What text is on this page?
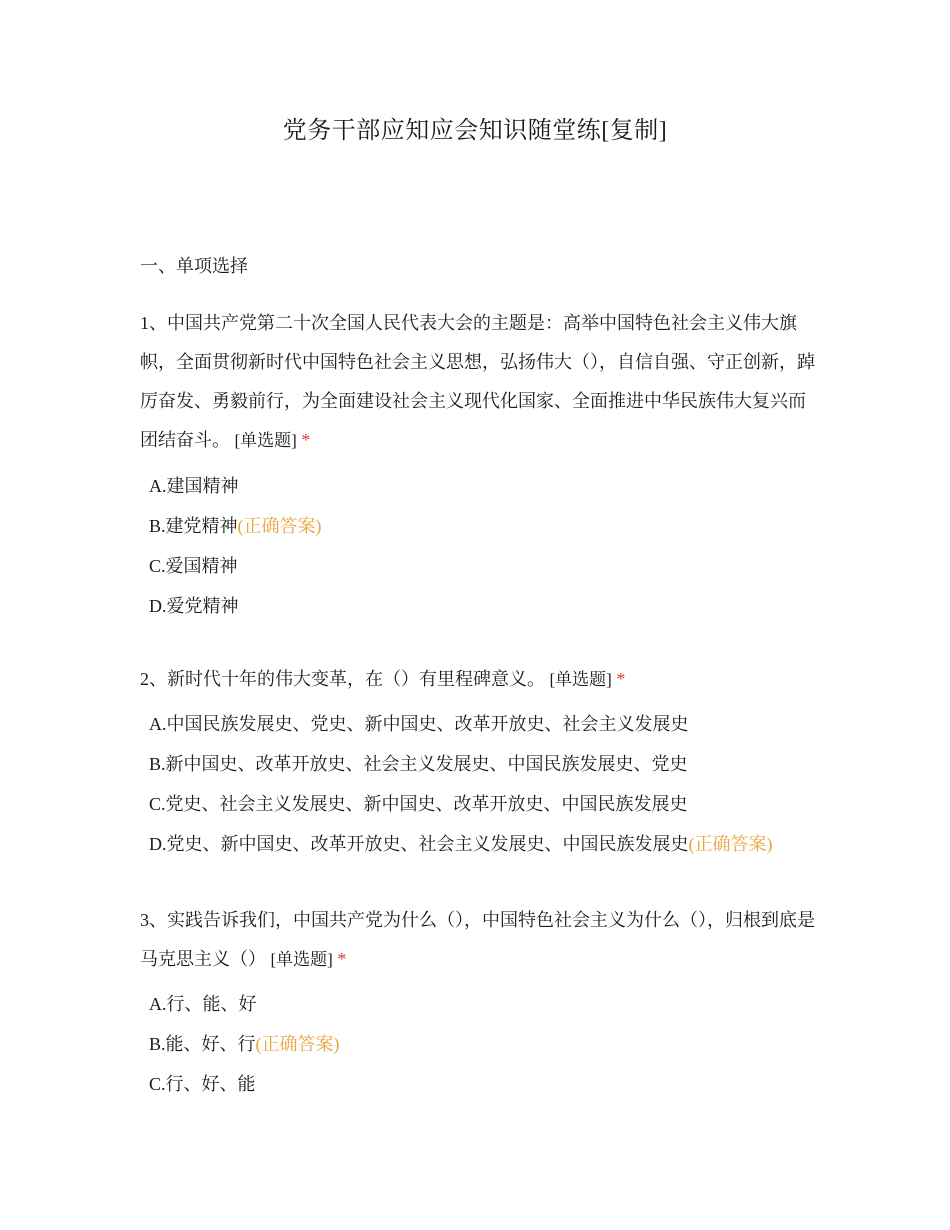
党务干部应知应会知识随堂练[复制]
一、单项选择

1、中国共产党第二十次全国人民代表大会的主题是：高举中国特色社会主义伟大旗帜，全面贯彻新时代中国特色社会主义思想，弘扬伟大（），自信自强、守正创新，踔厉奋发、勇毅前行，为全面建设社会主义现代化国家、全面推进中华民族伟大复兴而团结奋斗。 [单选题] *

A.建国精神

B.建党精神(正确答案)

C.爱国精神

D.爱党精神

2、新时代十年的伟大变革，在（）有里程碑意义。 [单选题] *

A.中国民族发展史、党史、新中国史、改革开放史、社会主义发展史

B.新中国史、改革开放史、社会主义发展史、中国民族发展史、党史

C.党史、社会主义发展史、新中国史、改革开放史、中国民族发展史

D.党史、新中国史、改革开放史、社会主义发展史、中国民族发展史(正确答案)

3、实践告诉我们，中国共产党为什么（），中国特色社会主义为什么（），归根到底是马克思主义（） [单选题] *

A.行、能、好

B.能、好、行(正确答案)

C.行、好、能
